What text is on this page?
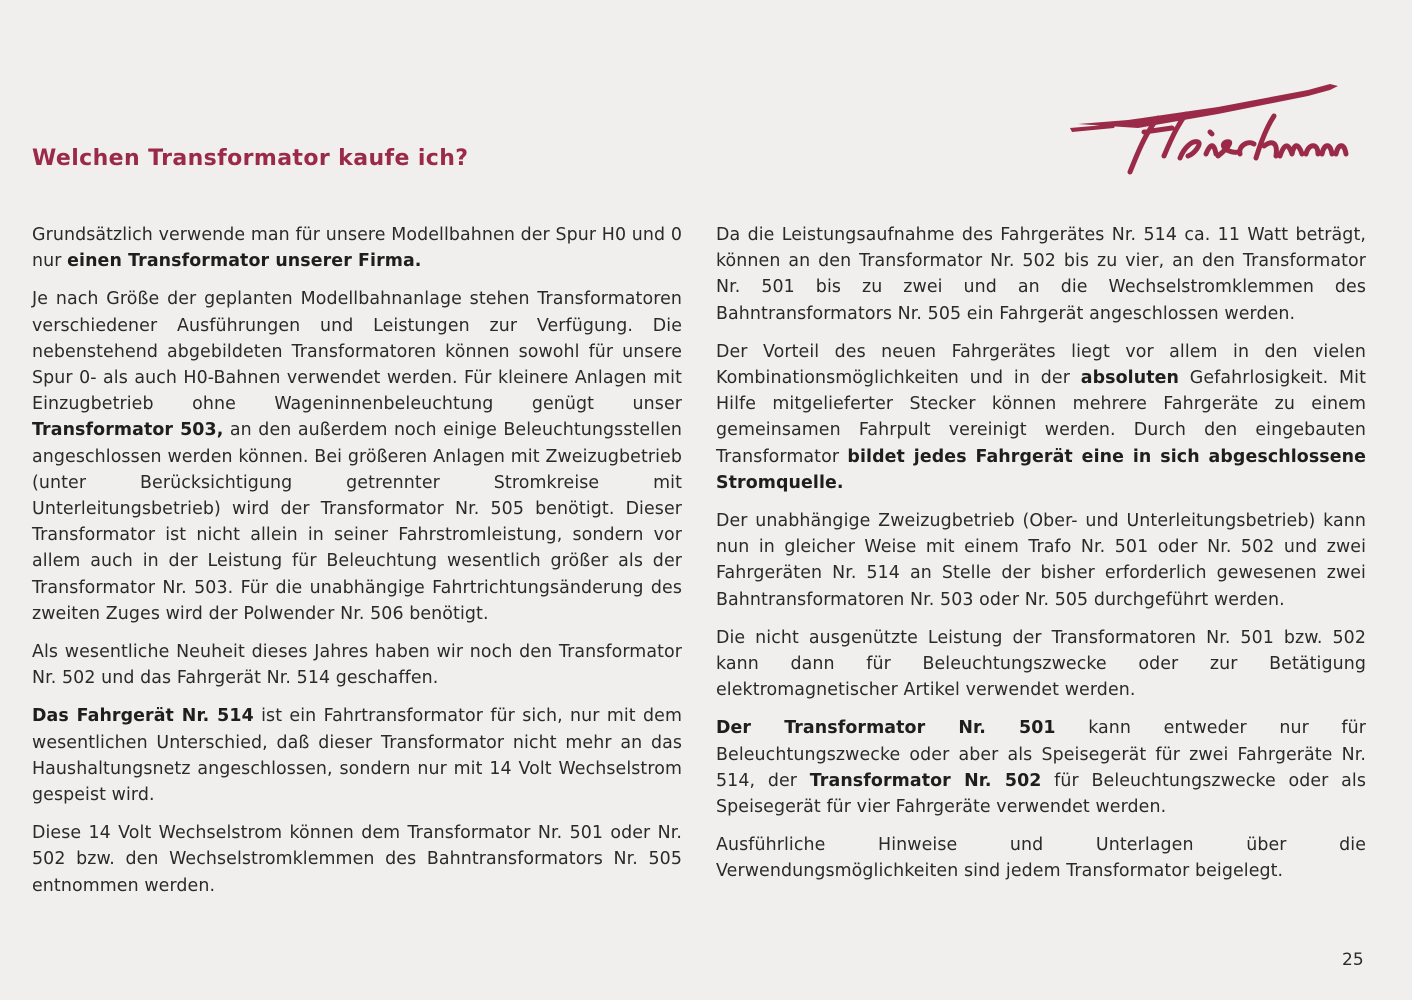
Welchen Transformator kaufe ich?

Grundsätzlich verwende man für unsere Modellbahnen der Spur H0 und 0 nur einen Transformator unserer Firma.

Je nach Größe der geplanten Modellbahnanlage stehen Transformatoren verschiedener Ausführungen und Leistungen zur Verfügung. Die nebenstehend abgebildeten Transformatoren können sowohl für unsere Spur 0- als auch H0-Bahnen verwendet werden. Für kleinere Anlagen mit Einzugbetrieb ohne Wageninnenbeleuchtung genügt unser Transformator 503, an den außerdem noch einige Beleuchtungsstellen angeschlossen werden können. Bei größeren Anlagen mit Zweizugbetrieb (unter Berücksichtigung getrennter Stromkreise mit Unterleitungsbetrieb) wird der Transformator Nr. 505 benötigt. Dieser Transformator ist nicht allein in seiner Fahrstromleistung, sondern vor allem auch in der Leistung für Beleuchtung wesentlich größer als der Transformator Nr. 503. Für die unabhängige Fahrtrichtungsänderung des zweiten Zuges wird der Polwender Nr. 506 benötigt.

Als wesentliche Neuheit dieses Jahres haben wir noch den Transformator Nr. 502 und das Fahrgerät Nr. 514 geschaffen.

Das Fahrgerät Nr. 514 ist ein Fahrtransformator für sich, nur mit dem wesentlichen Unterschied, daß dieser Transformator nicht mehr an das Haushaltungsnetz angeschlossen, sondern nur mit 14 Volt Wechselstrom gespeist wird.

Diese 14 Volt Wechselstrom können dem Transformator Nr. 501 oder Nr. 502 bzw. den Wechselstromklemmen des Bahntransformators Nr. 505 entnommen werden.

Da die Leistungsaufnahme des Fahrgerätes Nr. 514 ca. 11 Watt beträgt, können an den Transformator Nr. 502 bis zu vier, an den Transformator Nr. 501 bis zu zwei und an die Wechselstromklemmen des Bahntransformators Nr. 505 ein Fahrgerät angeschlossen werden.

Der Vorteil des neuen Fahrgerätes liegt vor allem in den vielen Kombinationsmöglichkeiten und in der absoluten Gefahrlosigkeit. Mit Hilfe mitgelieferter Stecker können mehrere Fahrgeräte zu einem gemeinsamen Fahrpult vereinigt werden. Durch den eingebauten Transformator bildet jedes Fahrgerät eine in sich abgeschlossene Stromquelle.

Der unabhängige Zweizugbetrieb (Ober- und Unterleitungsbetrieb) kann nun in gleicher Weise mit einem Trafo Nr. 501 oder Nr. 502 und zwei Fahrgeräten Nr. 514 an Stelle der bisher erforderlich gewesenen zwei Bahntransformatoren Nr. 503 oder Nr. 505 durchgeführt werden.

Die nicht ausgenützte Leistung der Transformatoren Nr. 501 bzw. 502 kann dann für Beleuchtungszwecke oder zur Betätigung elektromagnetischer Artikel verwendet werden.

Der Transformator Nr. 501 kann entweder nur für Beleuchtungszwecke oder aber als Speisegerät für zwei Fahrgeräte Nr. 514, der Transformator Nr. 502 für Beleuchtungszwecke oder als Speisegerät für vier Fahrgeräte verwendet werden.

Ausführliche Hinweise und Unterlagen über die Verwendungsmöglichkeiten sind jedem Transformator beigelegt.

25
